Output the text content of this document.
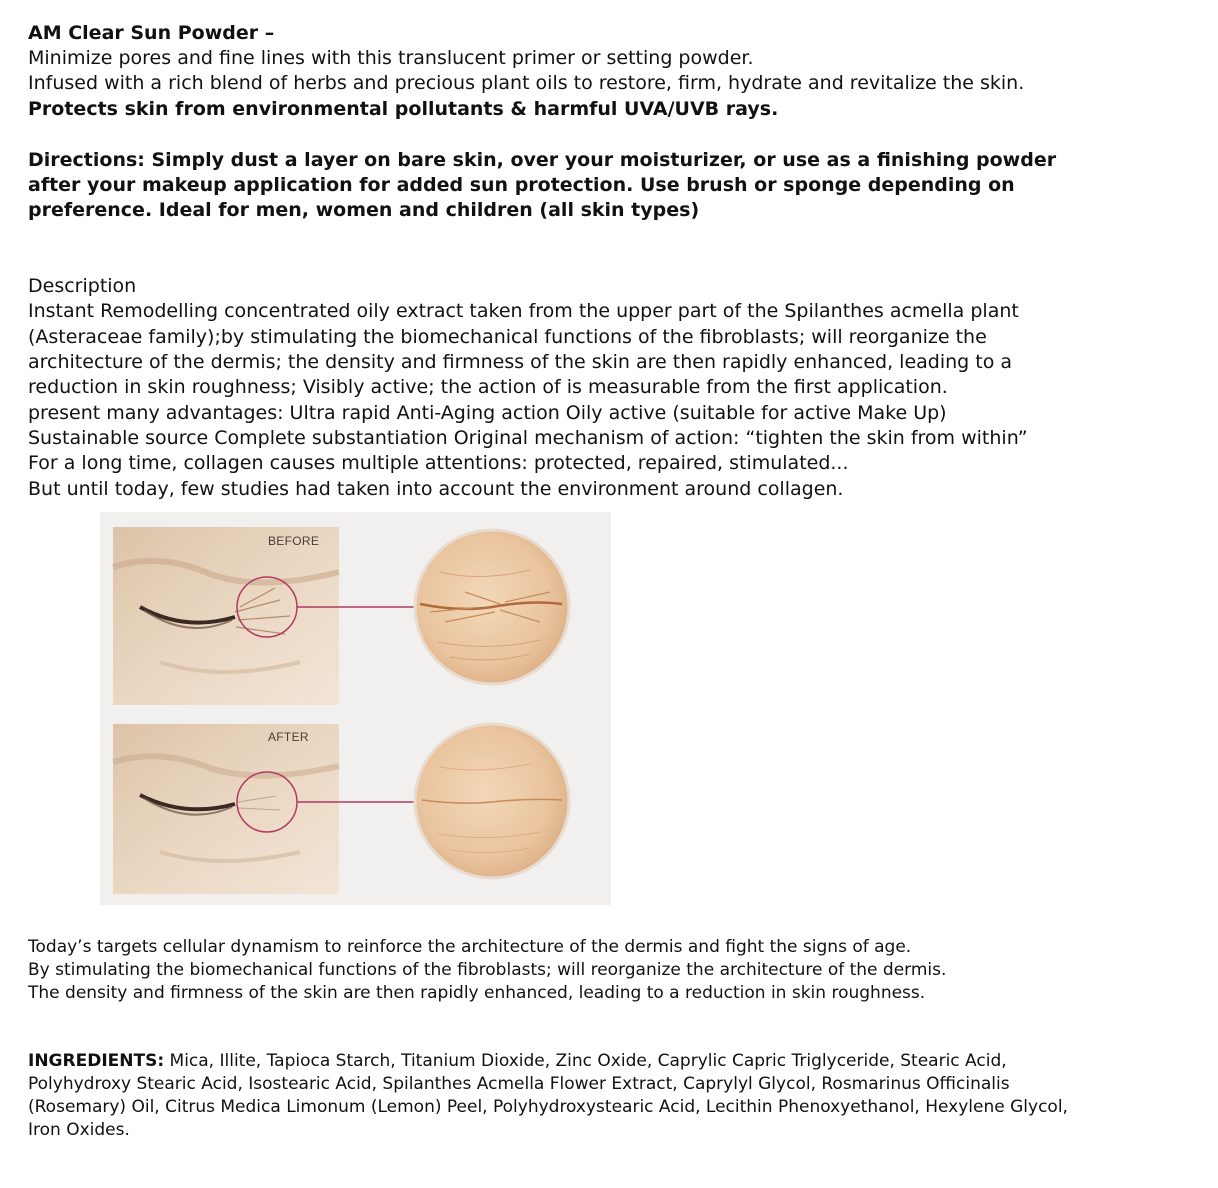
AM Clear Sun Powder –

Minimize pores and fine lines with this translucent primer or setting powder.

Infused with a rich blend of herbs and precious plant oils to restore, firm, hydrate and revitalize the skin.

Protects skin from environmental pollutants & harmful UVA/UVB rays.

Directions: Simply dust a layer on bare skin, over your moisturizer, or use as a finishing powder

after your makeup application for added sun protection. Use brush or sponge depending on

preference. Ideal for men, women and children (all skin types)

Description

Instant Remodelling concentrated oily extract taken from the upper part of the Spilanthes acmella plant

(Asteraceae family);by stimulating the biomechanical functions of the fibroblasts; will reorganize the

architecture of the dermis; the density and firmness of the skin are then rapidly enhanced, leading to a

reduction in skin roughness; Visibly active; the action of is measurable from the first application.

present many advantages: Ultra rapid Anti-Aging action Oily active (suitable for active Make Up)

Sustainable source Complete substantiation Original mechanism of action: “tighten the skin from within”

For a long time, collagen causes multiple attentions: protected, repaired, stimulated...

But until today, few studies had taken into account the environment around collagen.

BEFORE
AFTER

Today’s targets cellular dynamism to reinforce the architecture of the dermis and fight the signs of age.

By stimulating the biomechanical functions of the fibroblasts; will reorganize the architecture of the dermis.

The density and firmness of the skin are then rapidly enhanced, leading to a reduction in skin roughness.

INGREDIENTS: Mica, Illite, Tapioca Starch, Titanium Dioxide, Zinc Oxide, Caprylic Capric Triglyceride, Stearic Acid,

Polyhydroxy Stearic Acid, Isostearic Acid, Spilanthes Acmella Flower Extract, Caprylyl Glycol, Rosmarinus Officinalis

(Rosemary) Oil, Citrus Medica Limonum (Lemon) Peel, Polyhydroxystearic Acid, Lecithin Phenoxyethanol, Hexylene Glycol,

Iron Oxides.
